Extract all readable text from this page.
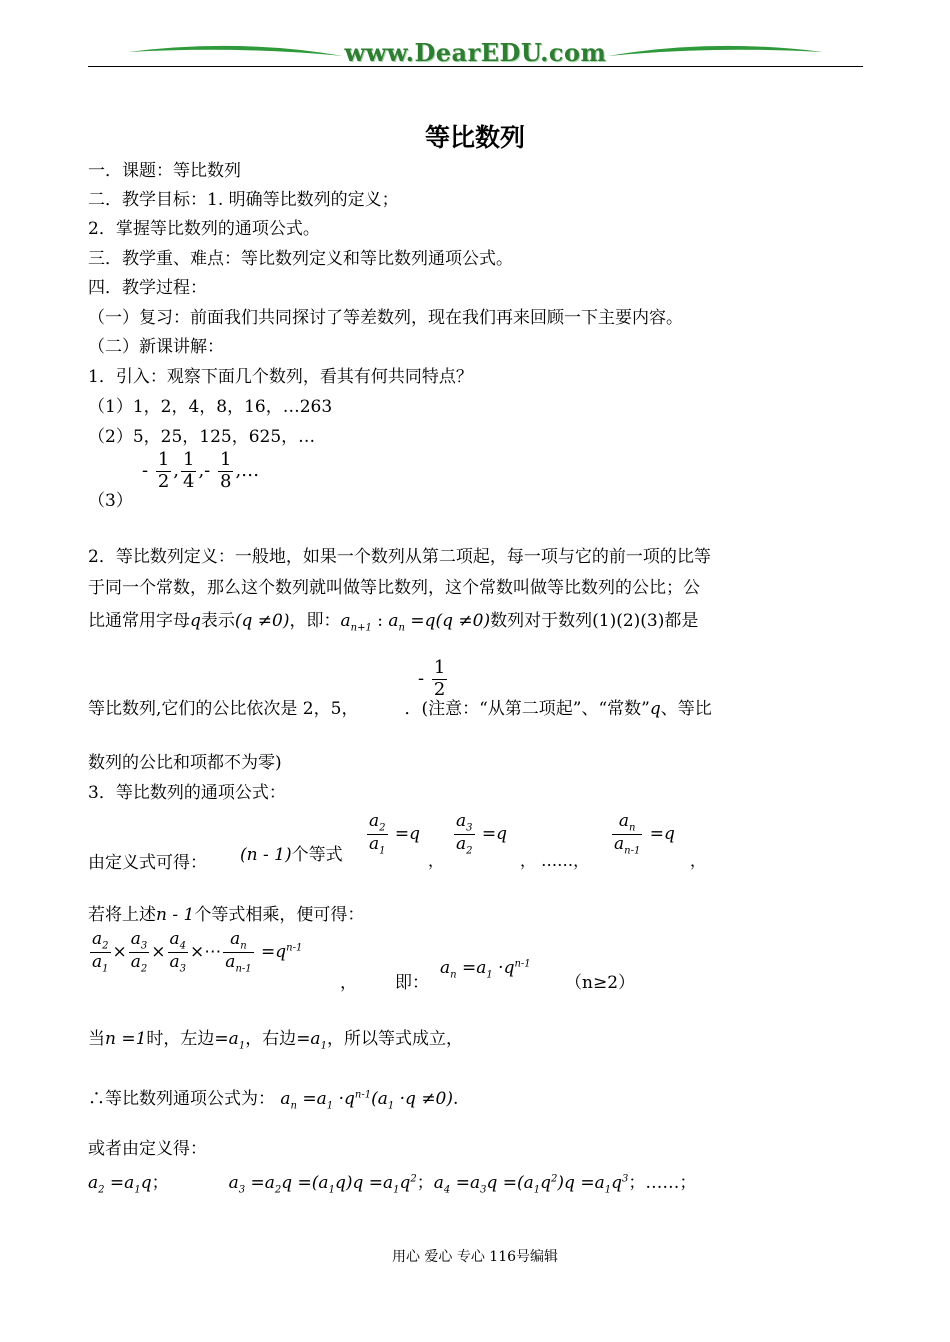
www.DearEDU.com
等比数列
一．课题：等比数列
二．教学目标：1. 明确等比数列的定义；
2．掌握等比数列的通项公式。
三．教学重、难点：等比数列定义和等比数列通项公式。
四．教学过程：
（一）复习：前面我们共同探讨了等差数列，现在我们再来回顾一下主要内容。
（二）新课讲解：
1．引入：观察下面几个数列，看其有何共同特点？
（1）1，2，4，8，16，…263
（2）5，25，125，625，…
（3）
- $\frac{1}{2}$ , $\frac{1}{4}$ ,- $\frac{1}{8}$ ,…
2．等比数列定义：一般地，如果一个数列从第二项起，每一项与它的前一项的比等
于同一个常数，那么这个数列就叫做等比数列，这个常数叫做等比数列的公比；公
比通常用字母q表示(q ≠0)，即：$a_{n+1}$ : $a_n =q(q \ne 0)$数列对于数列(1)(2)(3)都是
- $\frac{1}{2}$
等比数列,它们的公比依次是 2，5，	．(注意：“从第二项起”、“常数”q、等比
数列的公比和项都不为零)
3．等比数列的通项公式：
由定义式可得： (n - 1)个等式 $\frac{a_2}{a_1} =q$
，
$\frac{a_3}{a_2} =q$
， ……，
$\frac{a_n}{a_{n-1}} =q$
，
若将上述n - 1个等式相乘，便可得：
$\frac{a_2}{a_1} \times \frac{a_3}{a_2} \times \frac{a_4}{a_3}$ ×⋯ $\frac{a_n}{a_{n-1}} =q^{n-1}$
， 即：
$a_n =a_1 \cdot q^{n-1}$
（n≥2）
当n =1时，左边$=a_1$，右边$=a_1$，所以等式成立，
∴等比数列通项公式为： $a_n =a_1 \cdot q^{n-1}(a_1 \cdot q \ne 0)$.
或者由定义得：
$a_2 =a_1q$；	$a_3 =a_2q =(a_1q)q =a_1q^2$；$a_4 =a_3q =(a_1q^2)q =a_1q^3$；……；
用心 爱心 专心 116号编辑
